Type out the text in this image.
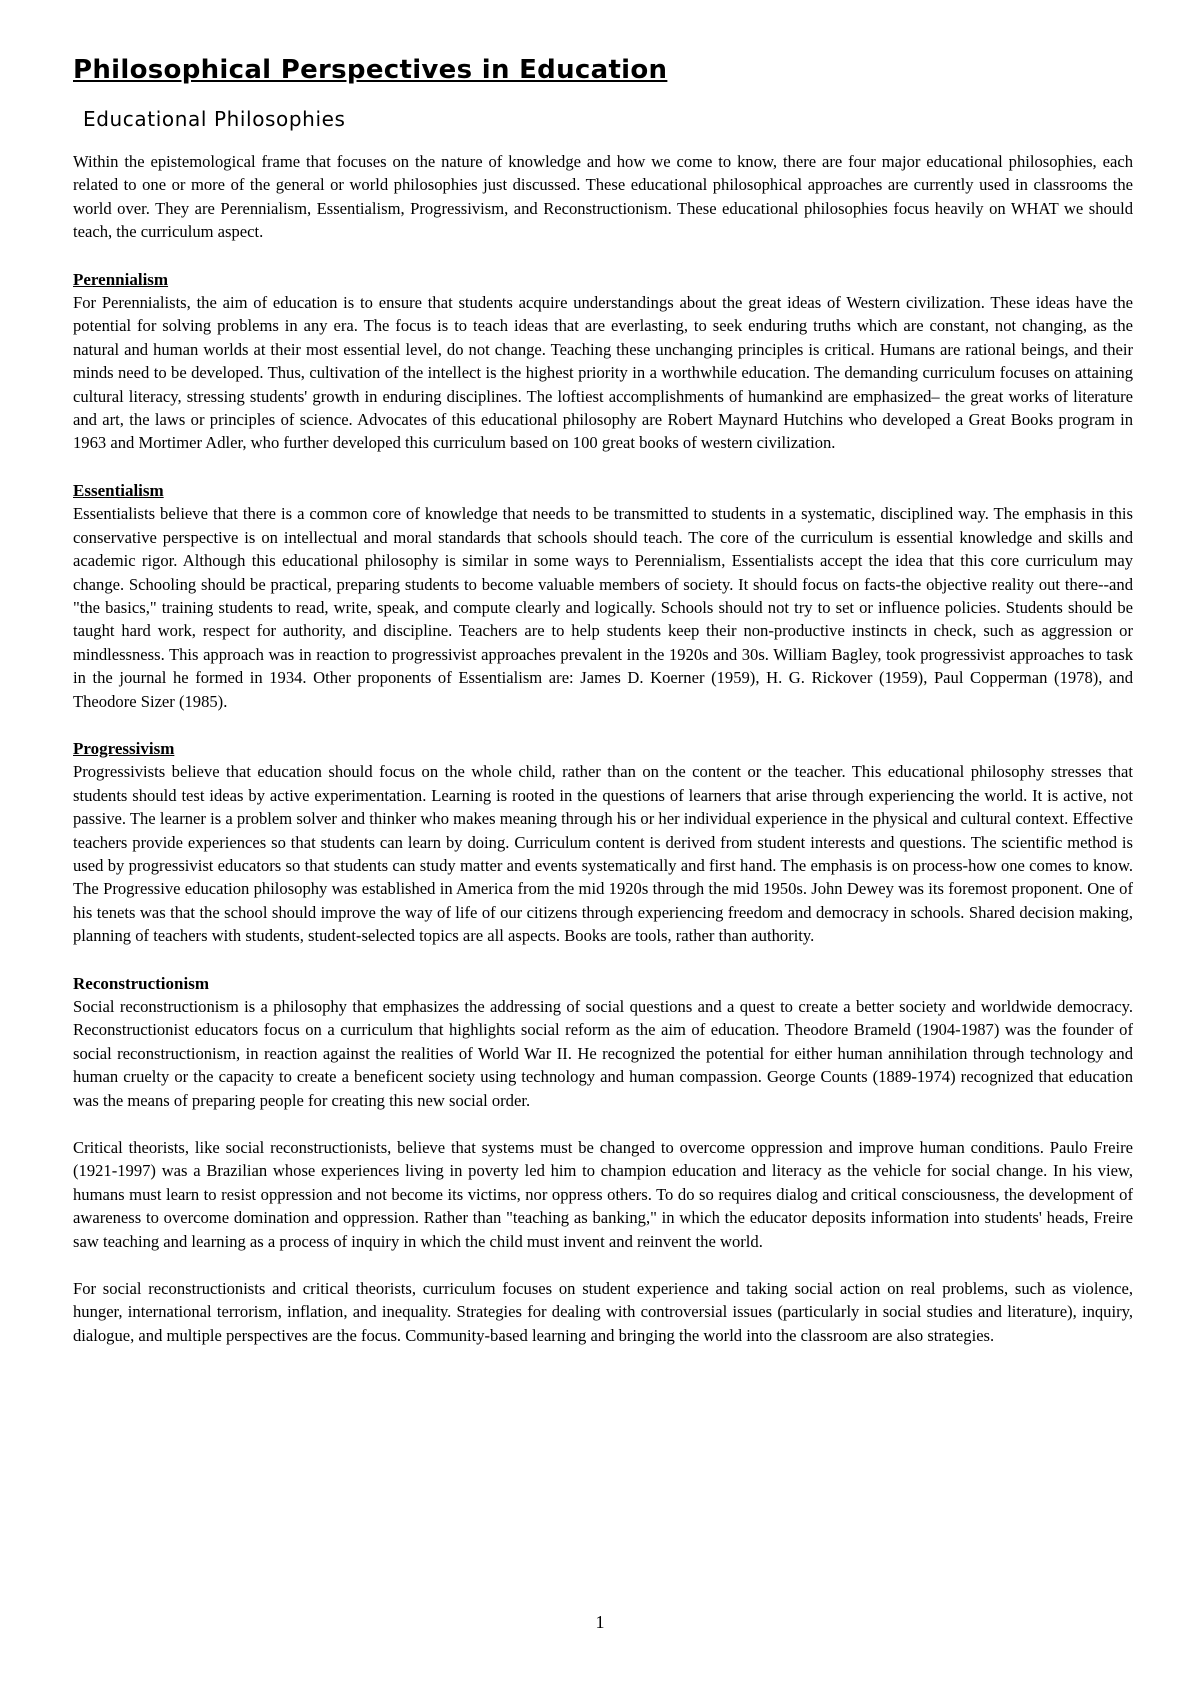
Philosophical Perspectives in Education
Educational Philosophies

Within the epistemological frame that focuses on the nature of knowledge and how we come to know, there are four major educational philosophies, each related to one or more of the general or world philosophies just discussed. These educational philosophical approaches are currently used in classrooms the world over. They are Perennialism, Essentialism, Progressivism, and Reconstructionism. These educational philosophies focus heavily on WHAT we should teach, the curriculum aspect.

Perennialism

For Perennialists, the aim of education is to ensure that students acquire understandings about the great ideas of Western civilization. These ideas have the potential for solving problems in any era. The focus is to teach ideas that are everlasting, to seek enduring truths which are constant, not changing, as the natural and human worlds at their most essential level, do not change. Teaching these unchanging principles is critical. Humans are rational beings, and their minds need to be developed. Thus, cultivation of the intellect is the highest priority in a worthwhile education. The demanding curriculum focuses on attaining cultural literacy, stressing students' growth in enduring disciplines. The loftiest accomplishments of humankind are emphasized– the great works of literature and art, the laws or principles of science. Advocates of this educational philosophy are Robert Maynard Hutchins who developed a Great Books program in 1963 and Mortimer Adler, who further developed this curriculum based on 100 great books of western civilization.

Essentialism

Essentialists believe that there is a common core of knowledge that needs to be transmitted to students in a systematic, disciplined way. The emphasis in this conservative perspective is on intellectual and moral standards that schools should teach. The core of the curriculum is essential knowledge and skills and academic rigor. Although this educational philosophy is similar in some ways to Perennialism, Essentialists accept the idea that this core curriculum may change. Schooling should be practical, preparing students to become valuable members of society. It should focus on facts-the objective reality out there--and "the basics," training students to read, write, speak, and compute clearly and logically. Schools should not try to set or influence policies. Students should be taught hard work, respect for authority, and discipline. Teachers are to help students keep their non-productive instincts in check, such as aggression or mindlessness. This approach was in reaction to progressivist approaches prevalent in the 1920s and 30s. William Bagley, took progressivist approaches to task in the journal he formed in 1934. Other proponents of Essentialism are: James D. Koerner (1959), H. G. Rickover (1959), Paul Copperman (1978), and Theodore Sizer (1985).

Progressivism

Progressivists believe that education should focus on the whole child, rather than on the content or the teacher. This educational philosophy stresses that students should test ideas by active experimentation. Learning is rooted in the questions of learners that arise through experiencing the world. It is active, not passive. The learner is a problem solver and thinker who makes meaning through his or her individual experience in the physical and cultural context. Effective teachers provide experiences so that students can learn by doing. Curriculum content is derived from student interests and questions. The scientific method is used by progressivist educators so that students can study matter and events systematically and first hand. The emphasis is on process-how one comes to know. The Progressive education philosophy was established in America from the mid 1920s through the mid 1950s. John Dewey was its foremost proponent. One of his tenets was that the school should improve the way of life of our citizens through experiencing freedom and democracy in schools. Shared decision making, planning of teachers with students, student-selected topics are all aspects. Books are tools, rather than authority.

Reconstructionism

Social reconstructionism is a philosophy that emphasizes the addressing of social questions and a quest to create a better society and worldwide democracy. Reconstructionist educators focus on a curriculum that highlights social reform as the aim of education. Theodore Brameld (1904-1987) was the founder of social reconstructionism, in reaction against the realities of World War II. He recognized the potential for either human annihilation through technology and human cruelty or the capacity to create a beneficent society using technology and human compassion. George Counts (1889-1974) recognized that education was the means of preparing people for creating this new social order.

Critical theorists, like social reconstructionists, believe that systems must be changed to overcome oppression and improve human conditions. Paulo Freire (1921-1997) was a Brazilian whose experiences living in poverty led him to champion education and literacy as the vehicle for social change. In his view, humans must learn to resist oppression and not become its victims, nor oppress others. To do so requires dialog and critical consciousness, the development of awareness to overcome domination and oppression. Rather than "teaching as banking," in which the educator deposits information into students' heads, Freire saw teaching and learning as a process of inquiry in which the child must invent and reinvent the world.

For social reconstructionists and critical theorists, curriculum focuses on student experience and taking social action on real problems, such as violence, hunger, international terrorism, inflation, and inequality. Strategies for dealing with controversial issues (particularly in social studies and literature), inquiry, dialogue, and multiple perspectives are the focus. Community-based learning and bringing the world into the classroom are also strategies.

1
